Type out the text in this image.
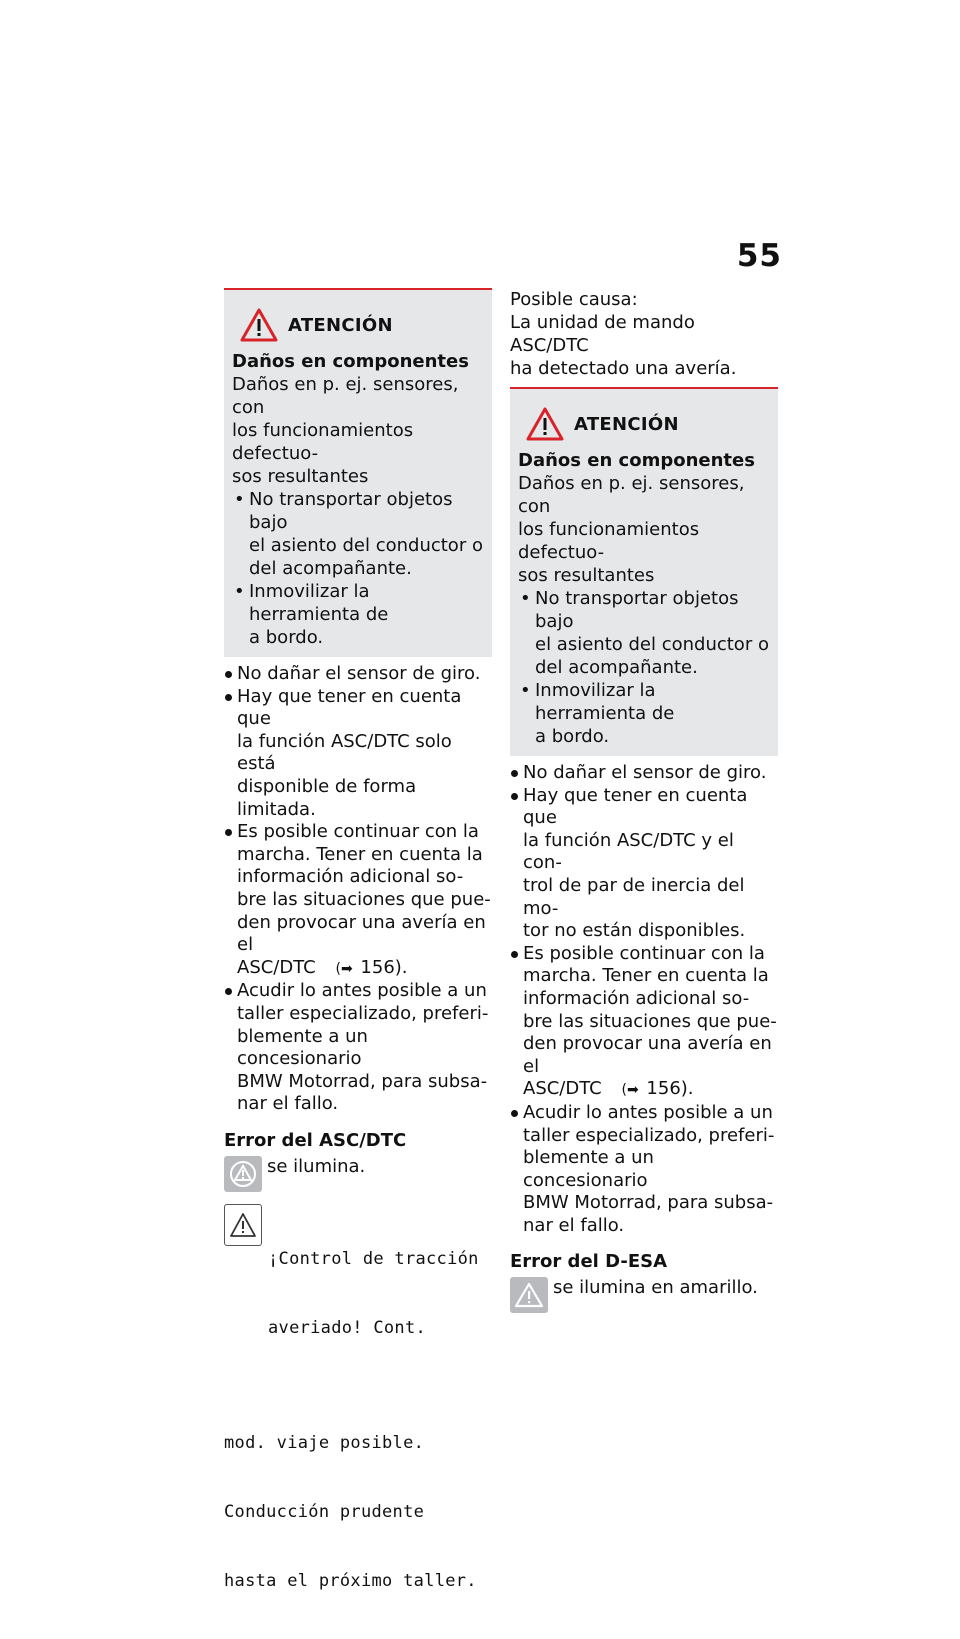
55
ATENCIÓN
Daños en componentes
Daños en p. ej. sensores, con
los funcionamientos defectuo-
sos resultantes
• No transportar objetos bajo
el asiento del conductor o
del acompañante.
• Inmovilizar la herramienta de
a bordo.
No dañar el sensor de giro.
Hay que tener en cuenta que
la función ASC/DTC solo está
disponible de forma limitada.
Es posible continuar con la
marcha. Tener en cuenta la
información adicional so-
bre las situaciones que pue-
den provocar una avería en el
ASC/DTC (➡ 156).
Acudir lo antes posible a un
taller especializado, preferi-
blemente a un concesionario
BMW Motorrad, para subsa-
nar el fallo.
Error del ASC/DTC
se ilumina.

¡Control de tracción

averiado! Cont.

mod. viaje posible.

Conducción prudente

hasta el próximo taller.

Posible causa:
La unidad de mando ASC/DTC
ha detectado una avería.
ATENCIÓN
Daños en componentes
Daños en p. ej. sensores, con
los funcionamientos defectuo-
sos resultantes
• No transportar objetos bajo
el asiento del conductor o
del acompañante.
• Inmovilizar la herramienta de
a bordo.
No dañar el sensor de giro.
Hay que tener en cuenta que
la función ASC/DTC y el con-
trol de par de inercia del mo-
tor no están disponibles.
Es posible continuar con la
marcha. Tener en cuenta la
información adicional so-
bre las situaciones que pue-
den provocar una avería en el
ASC/DTC (➡ 156).
Acudir lo antes posible a un
taller especializado, preferi-
blemente a un concesionario
BMW Motorrad, para subsa-
nar el fallo.
Error del D-ESA
se ilumina en amarillo.
